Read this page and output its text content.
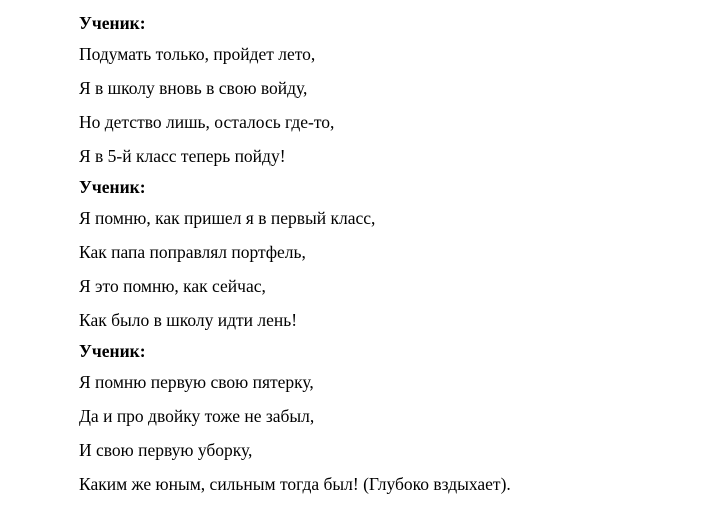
Ученик:

Подумать только, пройдет лето,

Я в школу вновь в свою войду,

Но детство лишь, осталось где-то,

Я в 5-й класс теперь пойду!

Ученик:

Я помню, как пришел я в первый класс,

Как папа поправлял портфель,

Я это помню, как сейчас,

Как было в школу идти лень!

Ученик:

Я помню первую свою пятерку,

Да и про двойку тоже не забыл,

И свою первую уборку,

Каким же юным, сильным тогда был! (Глубоко вздыхает).
